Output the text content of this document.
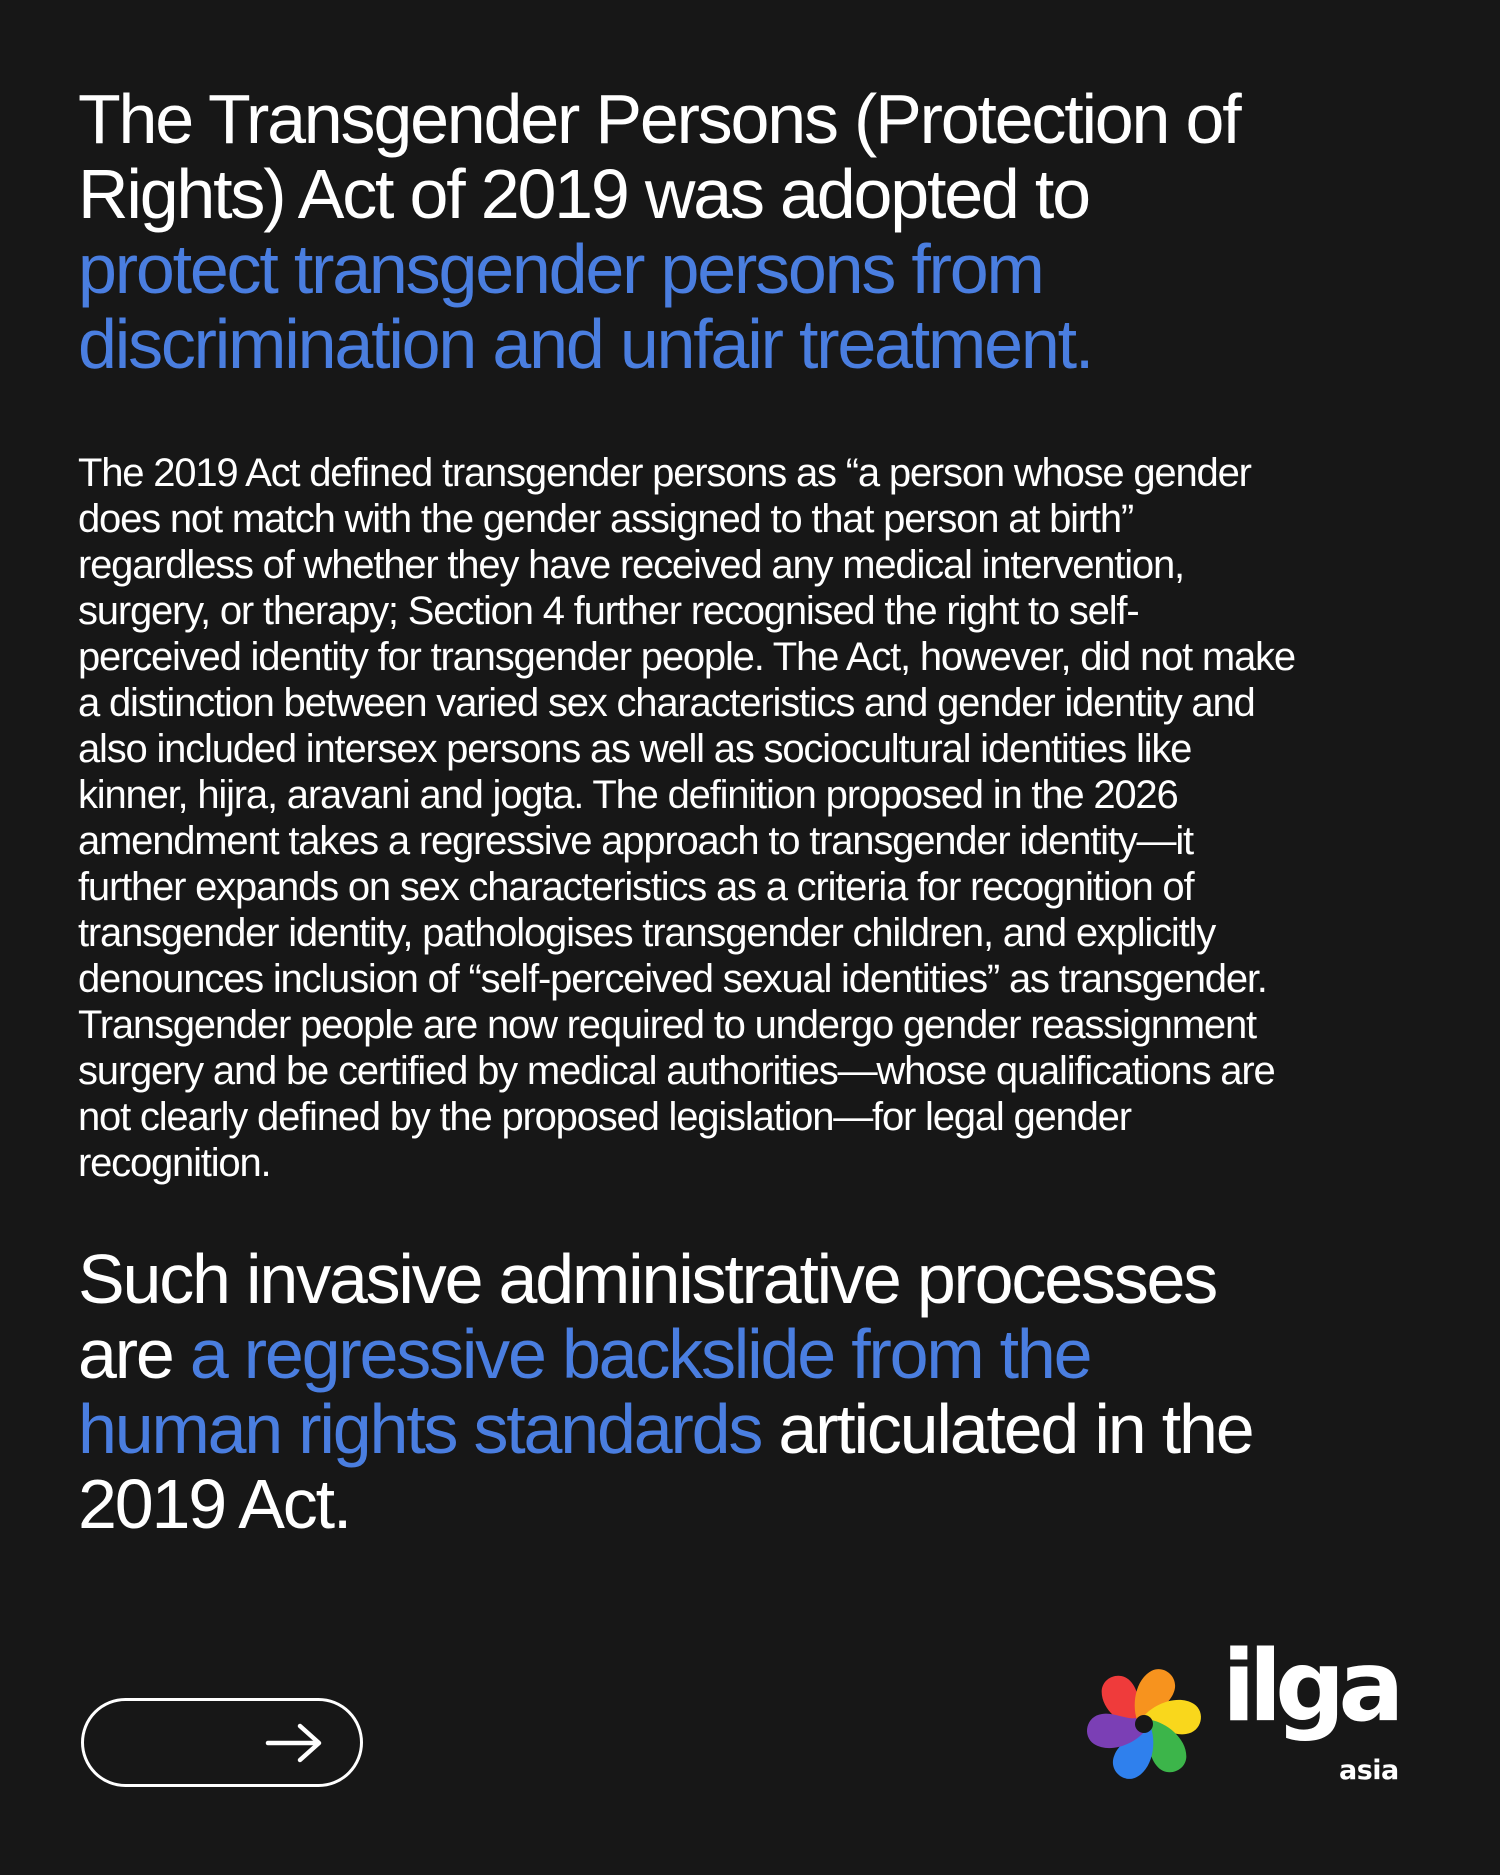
The Transgender Persons (Protection of Rights) Act of 2019 was adopted to protect transgender persons from discrimination and unfair treatment.

The 2019 Act defined transgender persons as “a person whose gender does not match with the gender assigned to that person at birth” regardless of whether they have received any medical intervention, surgery, or therapy; Section 4 further recognised the right to self-perceived identity for transgender people. The Act, however, did not make a distinction between varied sex characteristics and gender identity and also included intersex persons as well as sociocultural identities like kinner, hijra, aravani and jogta. The definition proposed in the 2026 amendment takes a regressive approach to transgender identity—it further expands on sex characteristics as a criteria for recognition of transgender identity, pathologises transgender children, and explicitly denounces inclusion of “self-perceived sexual identities” as transgender. Transgender people are now required to undergo gender reassignment surgery and be certified by medical authorities—whose qualifications are not clearly defined by the proposed legislation—for legal gender recognition.

Such invasive administrative processes are a regressive backslide from the human rights standards articulated in the 2019 Act.

ilga
asia
